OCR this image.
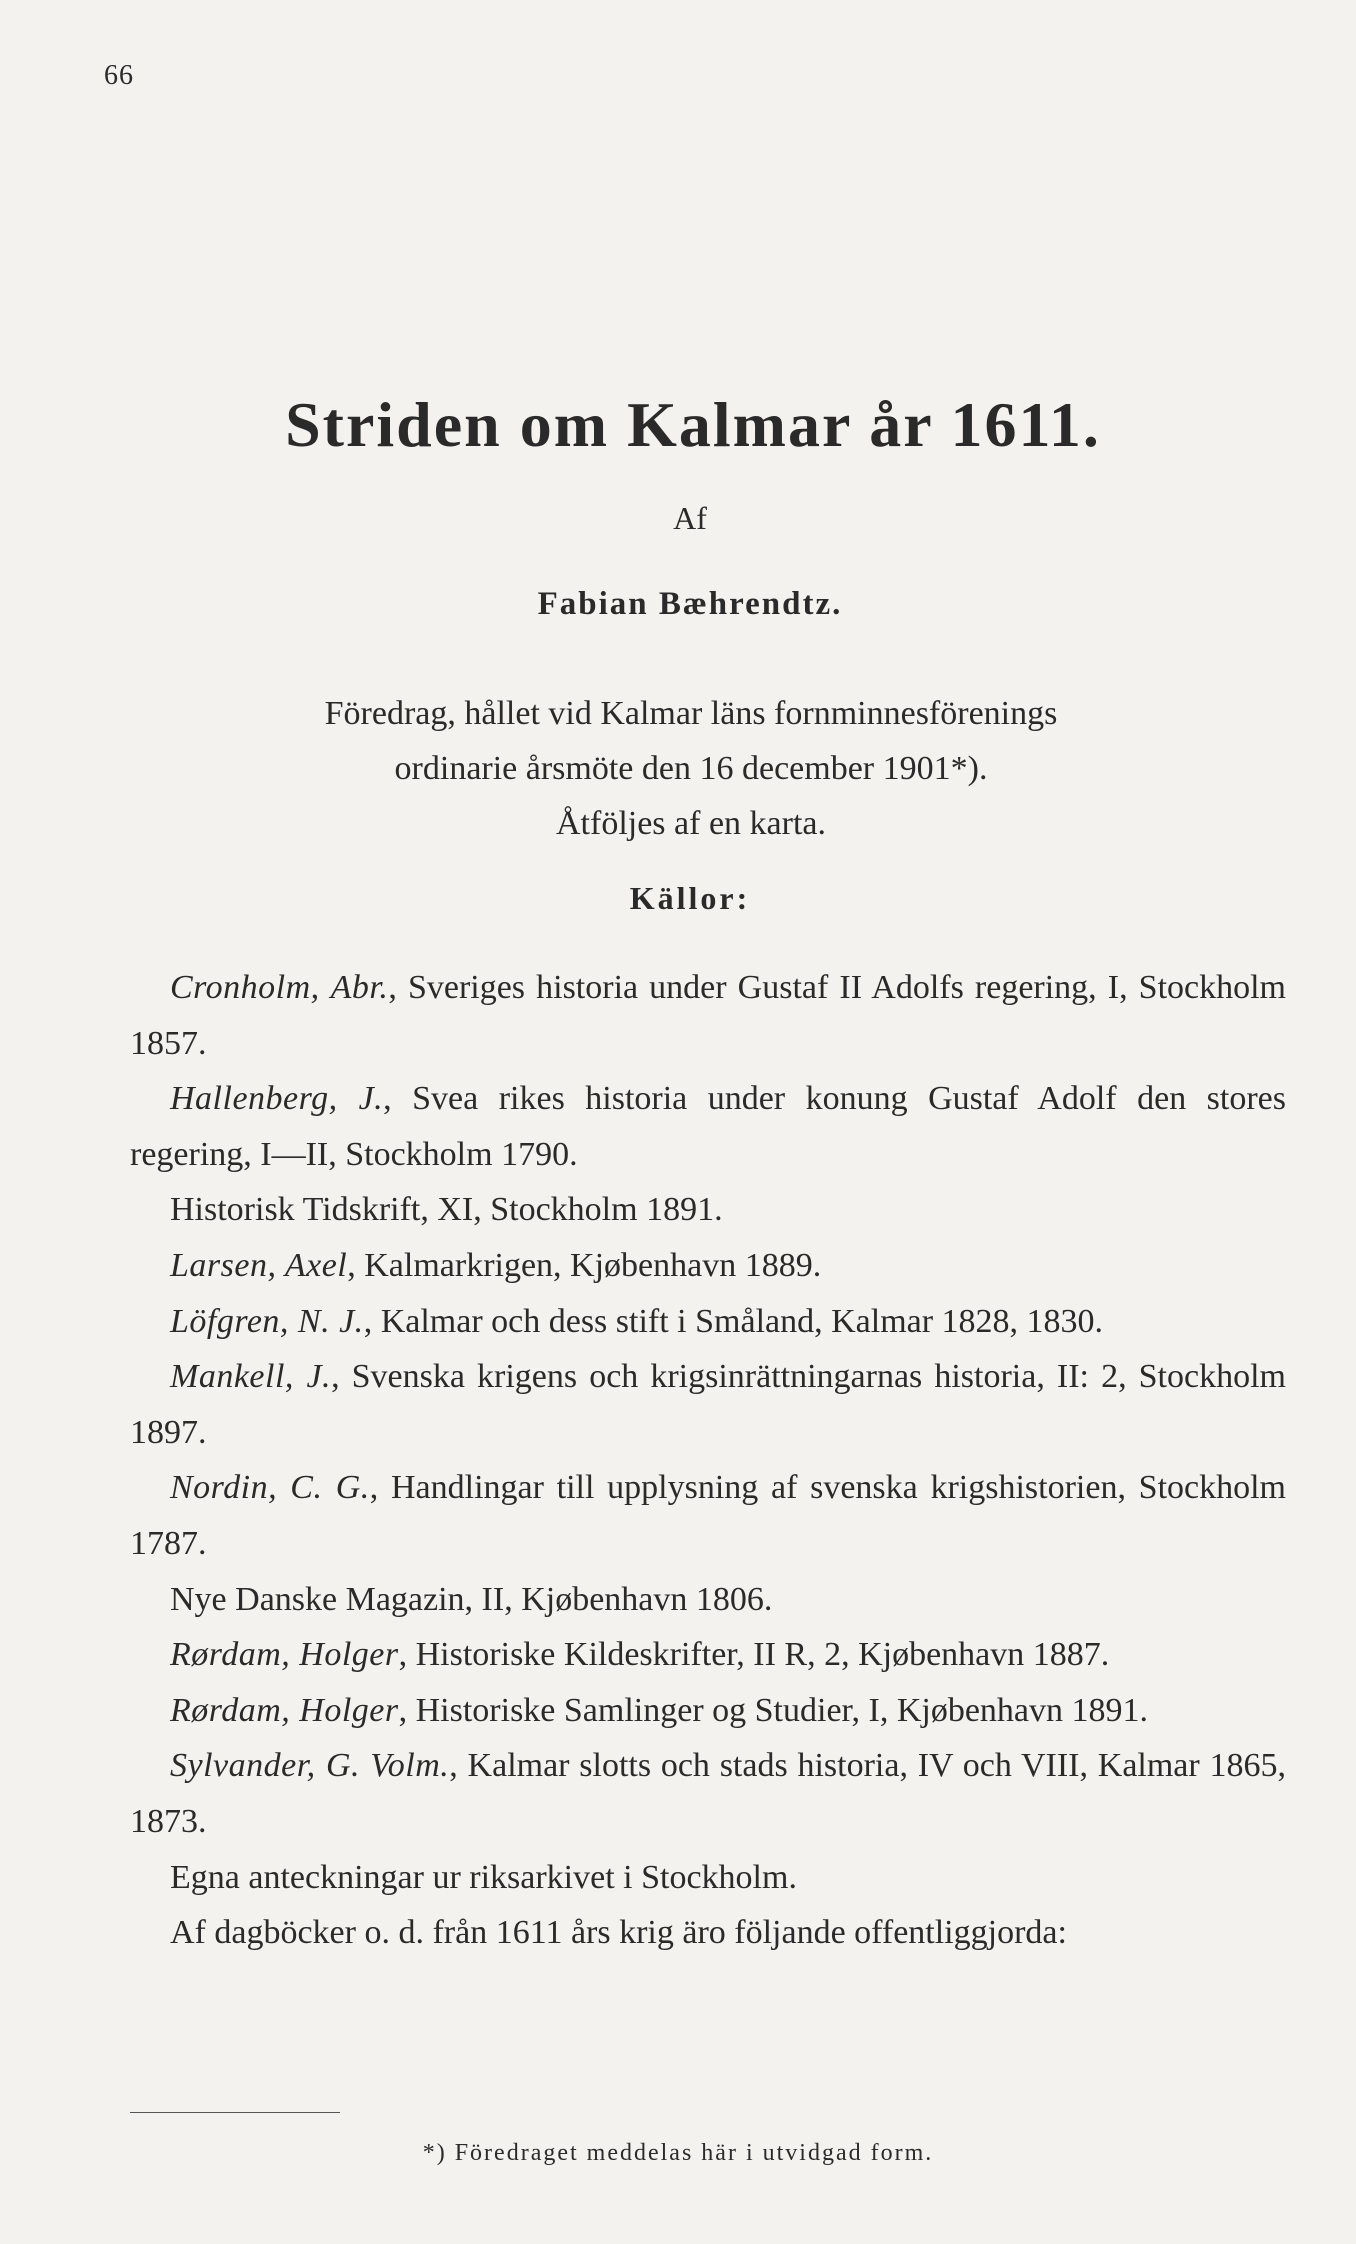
66
Striden om Kalmar år 1611.
Af
Fabian Bæhrendtz.
Föredrag, hållet vid Kalmar läns fornminnesförenings
ordinarie årsmöte den 16 december 1901*).
Åtföljes af en karta.
Källor:
Cronholm, Abr., Sveriges historia under Gustaf II Adolfs regering, I, Stockholm 1857.
Hallenberg, J., Svea rikes historia under konung Gustaf Adolf den stores regering, I—II, Stockholm 1790.
Historisk Tidskrift, XI, Stockholm 1891.
Larsen, Axel, Kalmarkrigen, Kjøbenhavn 1889.
Löfgren, N. J., Kalmar och dess stift i Småland, Kalmar 1828, 1830.
Mankell, J., Svenska krigens och krigsinrättningarnas historia, II: 2, Stockholm 1897.
Nordin, C. G., Handlingar till upplysning af svenska krigshistorien, Stockholm 1787.
Nye Danske Magazin, II, Kjøbenhavn 1806.
Rørdam, Holger, Historiske Kildeskrifter, II R, 2, Kjøbenhavn 1887.
Rørdam, Holger, Historiske Samlinger og Studier, I, Kjøbenhavn 1891.
Sylvander, G. Volm., Kalmar slotts och stads historia, IV och VIII, Kalmar 1865, 1873.
Egna anteckningar ur riksarkivet i Stockholm.
Af dagböcker o. d. från 1611 års krig äro följande offentliggjorda:
*) Föredraget meddelas här i utvidgad form.
